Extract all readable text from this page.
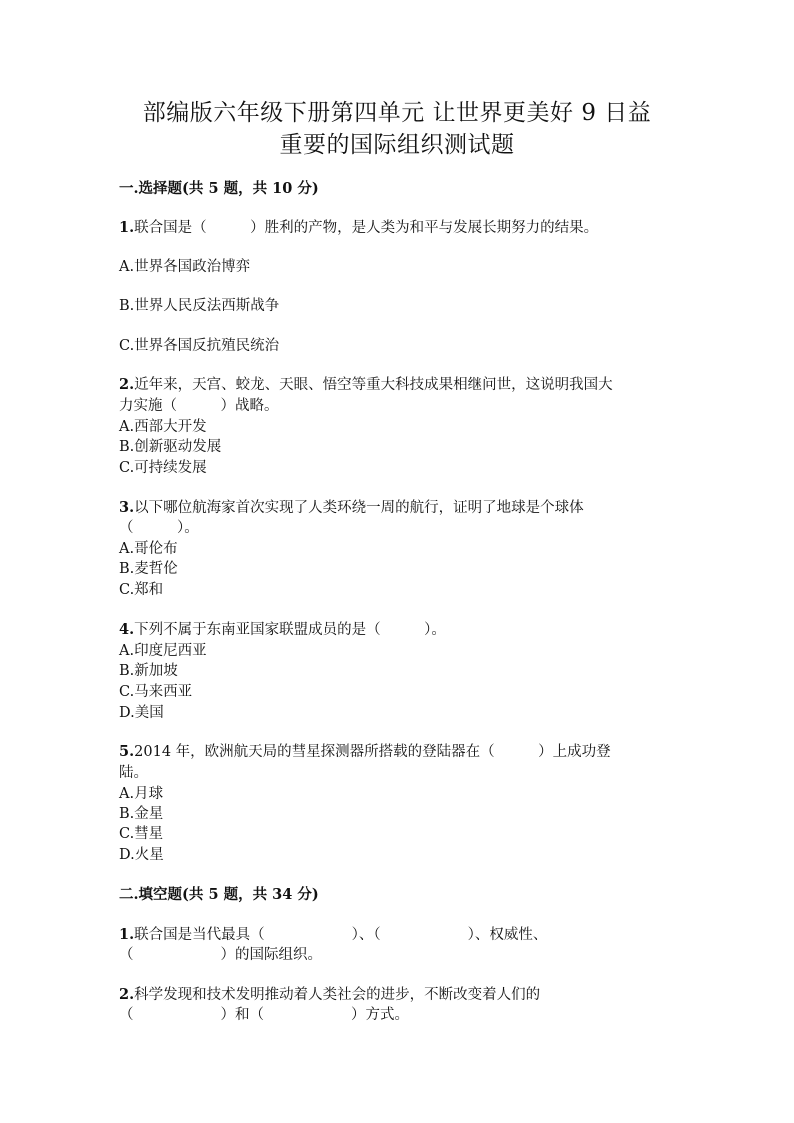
部编版六年级下册第四单元 让世界更美好 9 日益
重要的国际组织测试题
一.选择题(共 5 题，共 10 分)
1.联合国是（　　　）胜利的产物，是人类为和平与发展长期努力的结果。
A.世界各国政治博弈
B.世界人民反法西斯战争
C.世界各国反抗殖民统治
2.近年来，天宫、蛟龙、天眼、悟空等重大科技成果相继问世，这说明我国大
力实施（　　　）战略。
A.西部大开发
B.创新驱动发展
C.可持续发展
3.以下哪位航海家首次实现了人类环绕一周的航行，证明了地球是个球体
（　　　）。
A.哥伦布
B.麦哲伦
C.郑和
4.下列不属于东南亚国家联盟成员的是（　　　）。
A.印度尼西亚
B.新加坡
C.马来西亚
D.美国
5.2014 年，欧洲航天局的彗星探测器所搭载的登陆器在（　　　）上成功登
陆。
A.月球
B.金星
C.彗星
D.火星
二.填空题(共 5 题，共 34 分)
1.联合国是当代最具（　　　　　　）、（　　　　　　）、权威性、
（　　　　　　）的国际组织。
2.科学发现和技术发明推动着人类社会的进步，不断改变着人们的
（　　　　　　）和（　　　　　　）方式。
